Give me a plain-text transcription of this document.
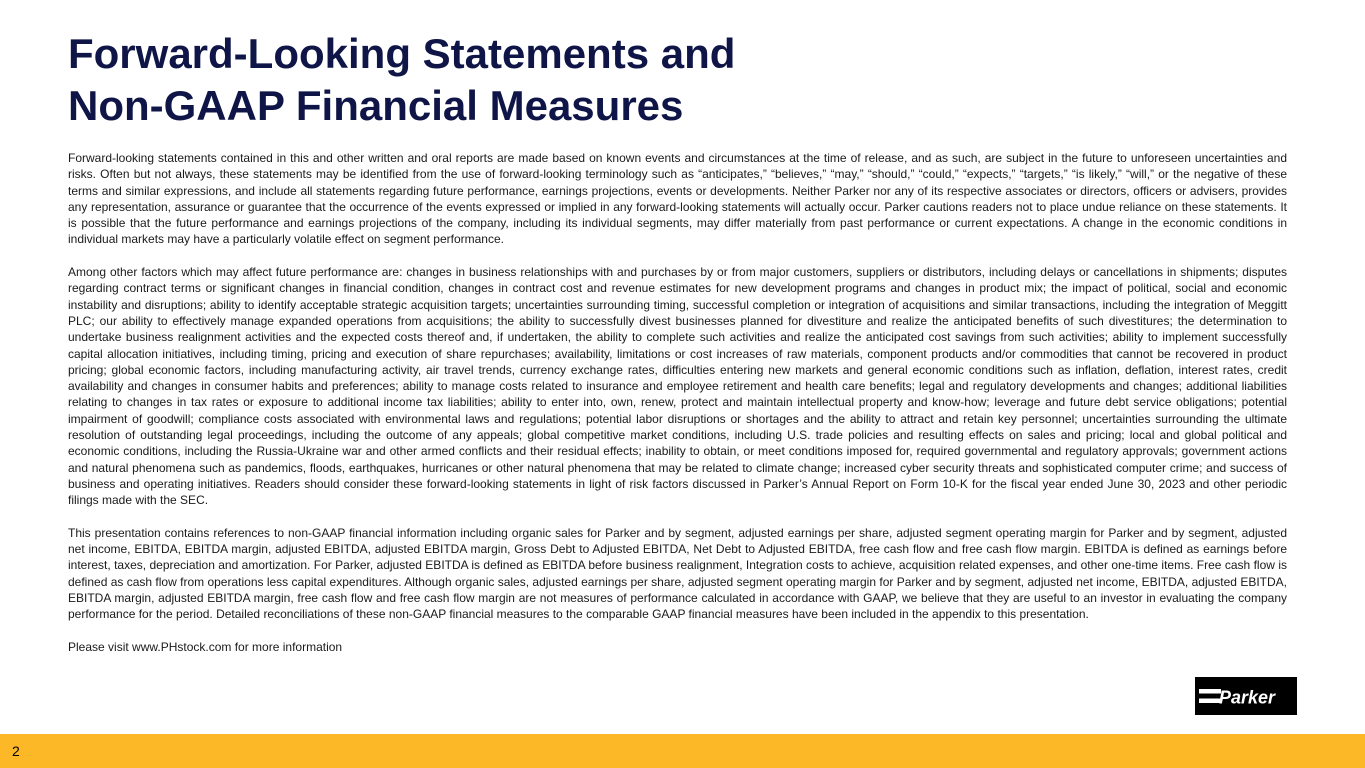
Forward-Looking Statements and
Non-GAAP Financial Measures

Forward-looking statements contained in this and other written and oral reports are made based on known events and circumstances at the time of release, and as such, are subject in the future to unforeseen uncertainties and risks. Often but not always, these statements may be identified from the use of forward-looking terminology such as “anticipates,” “believes,” “may,” “should,” “could,” “expects,” “targets,” “is likely,” “will,” or the negative of these terms and similar expressions, and include all statements regarding future performance, earnings projections, events or developments. Neither Parker nor any of its respective associates or directors, officers or advisers, provides any representation, assurance or guarantee that the occurrence of the events expressed or implied in any forward-looking statements will actually occur. Parker cautions readers not to place undue reliance on these statements. It is possible that the future performance and earnings projections of the company, including its individual segments, may differ materially from past performance or current expectations. A change in the economic conditions in individual markets may have a particularly volatile effect on segment performance.

Among other factors which may affect future performance are: changes in business relationships with and purchases by or from major customers, suppliers or distributors, including delays or cancellations in shipments; disputes regarding contract terms or significant changes in financial condition, changes in contract cost and revenue estimates for new development programs and changes in product mix; the impact of political, social and economic instability and disruptions; ability to identify acceptable strategic acquisition targets; uncertainties surrounding timing, successful completion or integration of acquisitions and similar transactions, including the integration of Meggitt PLC; our ability to effectively manage expanded operations from acquisitions; the ability to successfully divest businesses planned for divestiture and realize the anticipated benefits of such divestitures; the determination to undertake business realignment activities and the expected costs thereof and, if undertaken, the ability to complete such activities and realize the anticipated cost savings from such activities; ability to implement successfully capital allocation initiatives, including timing, pricing and execution of share repurchases; availability, limitations or cost increases of raw materials, component products and/or commodities that cannot be recovered in product pricing; global economic factors, including manufacturing activity, air travel trends, currency exchange rates, difficulties entering new markets and general economic conditions such as inflation, deflation, interest rates, credit availability and changes in consumer habits and preferences; ability to manage costs related to insurance and employee retirement and health care benefits; legal and regulatory developments and changes; additional liabilities relating to changes in tax rates or exposure to additional income tax liabilities; ability to enter into, own, renew, protect and maintain intellectual property and know-how; leverage and future debt service obligations; potential impairment of goodwill; compliance costs associated with environmental laws and regulations; potential labor disruptions or shortages and the ability to attract and retain key personnel; uncertainties surrounding the ultimate resolution of outstanding legal proceedings, including the outcome of any appeals; global competitive market conditions, including U.S. trade policies and resulting effects on sales and pricing; local and global political and economic conditions, including the Russia-Ukraine war and other armed conflicts and their residual effects; inability to obtain, or meet conditions imposed for, required governmental and regulatory approvals; government actions and natural phenomena such as pandemics, floods, earthquakes, hurricanes or other natural phenomena that may be related to climate change; increased cyber security threats and sophisticated computer crime; and success of business and operating initiatives. Readers should consider these forward-looking statements in light of risk factors discussed in Parker’s Annual Report on Form 10-K for the fiscal year ended June 30, 2023 and other periodic filings made with the SEC.

This presentation contains references to non-GAAP financial information including organic sales for Parker and by segment, adjusted earnings per share, adjusted segment operating margin for Parker and by segment, adjusted net income, EBITDA, EBITDA margin, adjusted EBITDA, adjusted EBITDA margin, Gross Debt to Adjusted EBITDA, Net Debt to Adjusted EBITDA, free cash flow and free cash flow margin. EBITDA is defined as earnings before interest, taxes, depreciation and amortization. For Parker, adjusted EBITDA is defined as EBITDA before business realignment, Integration costs to achieve, acquisition related expenses, and other one-time items. Free cash flow is defined as cash flow from operations less capital expenditures. Although organic sales, adjusted earnings per share, adjusted segment operating margin for Parker and by segment, adjusted net income, EBITDA, adjusted EBITDA, EBITDA margin, adjusted EBITDA margin, free cash flow and free cash flow margin are not measures of performance calculated in accordance with GAAP, we believe that they are useful to an investor in evaluating the company performance for the period. Detailed reconciliations of these non-GAAP financial measures to the comparable GAAP financial measures have been included in the appendix to this presentation.

Please visit www.PHstock.com for more information

Parker
2
